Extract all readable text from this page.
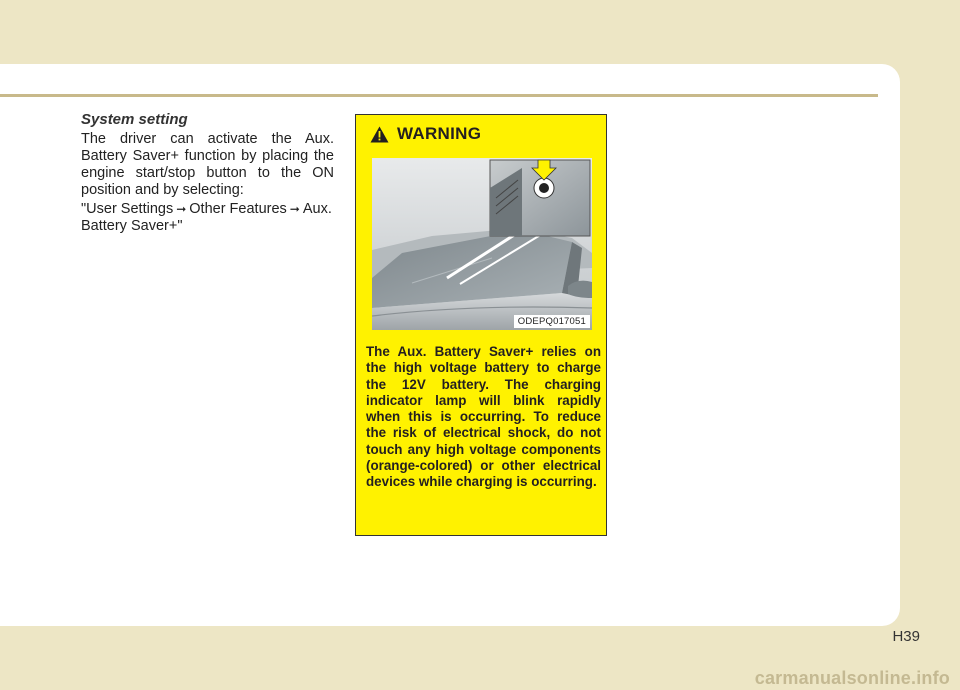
System setting
The driver can activate the Aux. Battery Saver+ function by placing the engine start/stop button to the ON position and by selecting:
"User Settings ➞ Other Features ➞ Aux. Battery Saver+"
WARNING
ODEPQ017051
The Aux. Battery Saver+ relies on the high voltage battery to charge the 12V battery. The charging indicator lamp will blink rapidly when this is occurring. To reduce the risk of electrical shock, do not touch any high voltage components (orange-colored) or other electrical devices while charging is occurring.
H39
carmanualsonline.info
